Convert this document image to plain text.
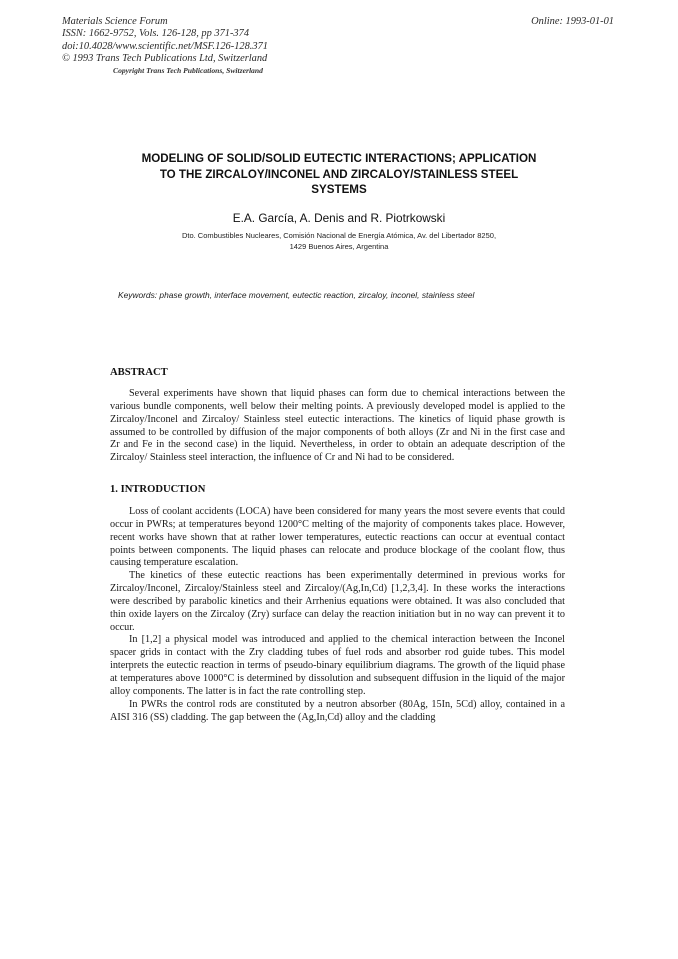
Materials Science Forum
ISSN: 1662-9752, Vols. 126-128, pp 371-374
doi:10.4028/www.scientific.net/MSF.126-128.371
© 1993 Trans Tech Publications Ltd, Switzerland
Online: 1993-01-01
Copyright Trans Tech Publications, Switzerland
MODELING OF SOLID/SOLID EUTECTIC INTERACTIONS; APPLICATION
TO THE ZIRCALOY/INCONEL AND ZIRCALOY/STAINLESS STEEL
SYSTEMS
E.A. García, A. Denis and R. Piotrkowski
Dto. Combustibles Nucleares, Comisión Nacional de Energía Atómica, Av. del Libertador 8250,
1429 Buenos Aires, Argentina
Keywords: phase growth, interface movement, eutectic reaction, zircaloy, inconel, stainless steel
ABSTRACT

Several experiments have shown that liquid phases can form due to chemical interactions between the various bundle components, well below their melting points. A previously developed model is applied to the Zircaloy/Inconel and Zircaloy/ Stainless steel eutectic interactions. The kinetics of liquid phase growth is assumed to be controlled by diffusion of the major components of both alloys (Zr and Ni in the first case and Zr and Fe in the second case) in the liquid. Nevertheless, in order to obtain an adequate description of the Zircaloy/ Stainless steel interaction, the influence of Cr and Ni had to be considered.

1. INTRODUCTION

Loss of coolant accidents (LOCA) have been considered for many years the most severe events that could occur in PWRs; at temperatures beyond 1200°C melting of the majority of components takes place. However, recent works have shown that at rather lower temperatures, eutectic reactions can occur at eventual contact points between components. The liquid phases can relocate and produce blockage of the coolant flow, thus causing temperature escalation.

The kinetics of these eutectic reactions has been experimentally determined in previous works for Zircaloy/Inconel, Zircaloy/Stainless steel and Zircaloy/(Ag,In,Cd) [1,2,3,4]. In these works the interactions were described by parabolic kinetics and their Arrhenius equations were obtained. It was also concluded that thin oxide layers on the Zircaloy (Zry) surface can delay the reaction initiation but in no way can prevent it to occur.

In [1,2] a physical model was introduced and applied to the chemical interaction between the Inconel spacer grids in contact with the Zry cladding tubes of fuel rods and absorber rod guide tubes. This model interprets the eutectic reaction in terms of pseudo-binary equilibrium diagrams. The growth of the liquid phase at temperatures above 1000°C is determined by dissolution and subsequent diffusion in the liquid of the major alloy components. The latter is in fact the rate controlling step.

In PWRs the control rods are constituted by a neutron absorber (80Ag, 15In, 5Cd) alloy, contained in a AISI 316 (SS) cladding. The gap between the (Ag,In,Cd) alloy and the cladding
